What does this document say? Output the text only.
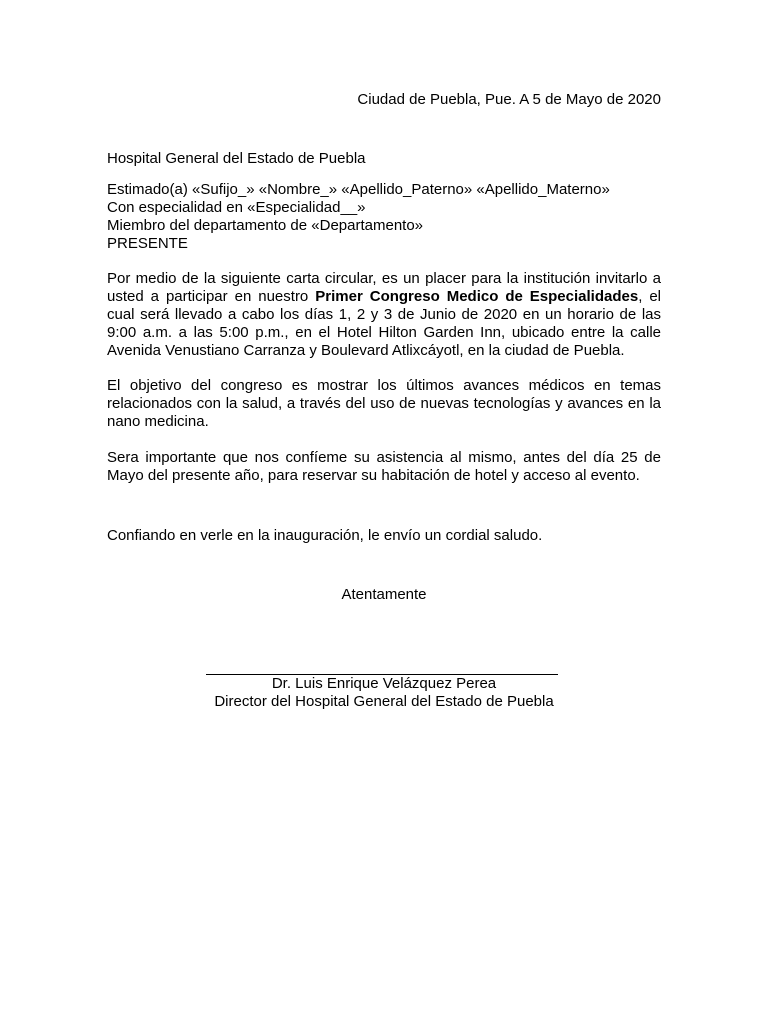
Ciudad de Puebla, Pue. A 5 de Mayo de 2020
Hospital General del Estado de Puebla
Estimado(a) «Sufijo_» «Nombre_» «Apellido_Paterno» «Apellido_Materno»
Con especialidad en «Especialidad__»
Miembro del departamento de «Departamento»
PRESENTE
Por medio de la siguiente carta circular, es un placer para la institución invitarlo a usted a participar en nuestro Primer Congreso Medico de Especialidades, el cual será llevado a cabo los días 1, 2 y 3 de Junio de 2020 en un horario de las 9:00 a.m. a las 5:00 p.m., en el Hotel Hilton Garden Inn, ubicado entre la calle Avenida Venustiano Carranza y Boulevard Atlixcáyotl, en la ciudad de Puebla.
El objetivo del congreso es mostrar los últimos avances médicos en temas relacionados con la salud, a través del uso de nuevas tecnologías y avances en la nano medicina.
Sera importante que nos confíeme su asistencia al mismo, antes del día 25 de Mayo del presente año, para reservar su habitación de hotel y acceso al evento.
Confiando en verle en la inauguración, le envío un cordial saludo.
Atentamente
Dr. Luis Enrique Velázquez Perea
Director del Hospital General del Estado de Puebla
